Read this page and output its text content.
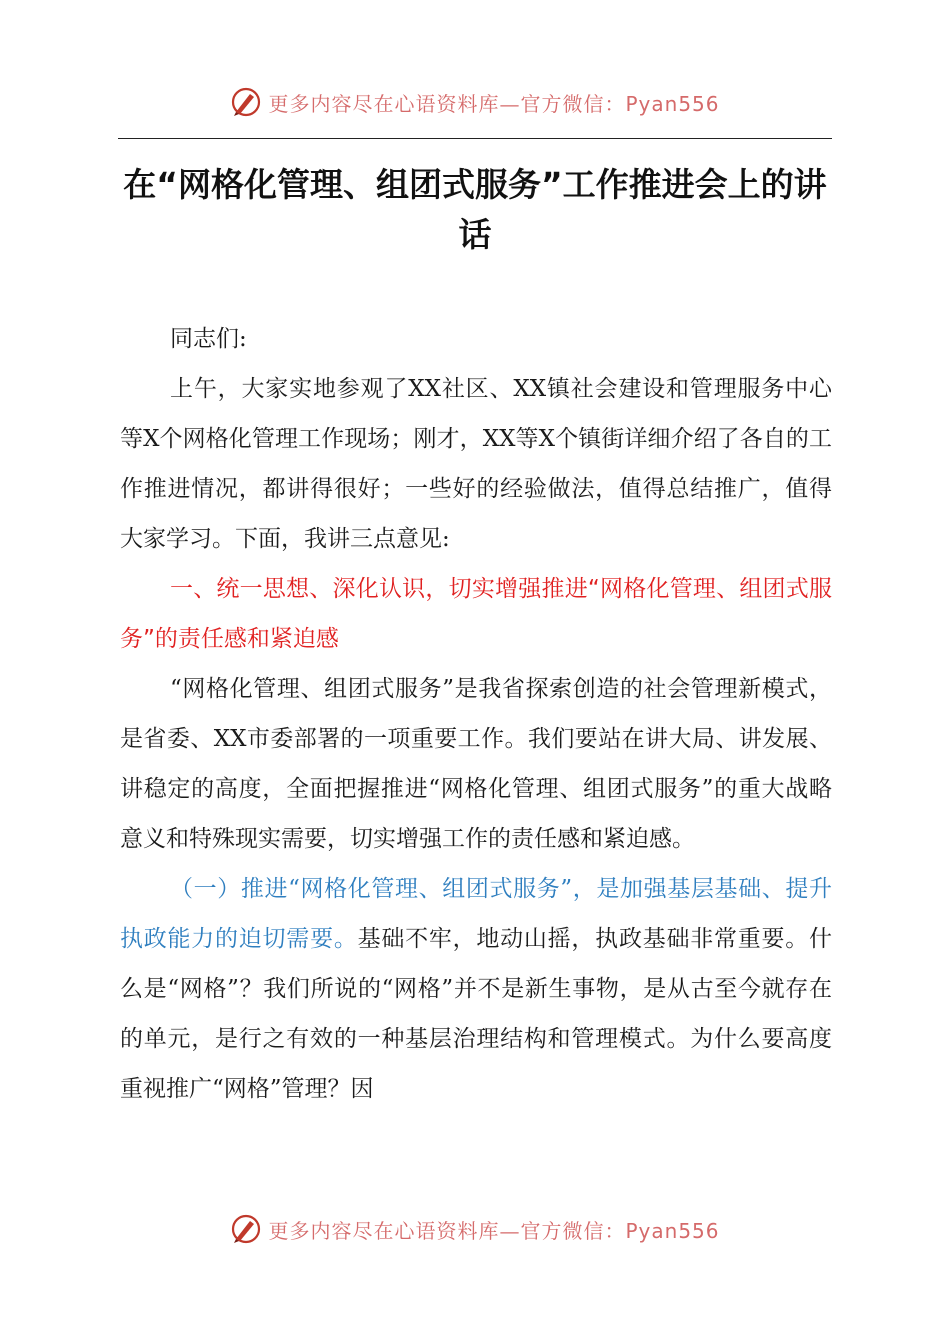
更多内容尽在心语资料库—官方微信：Pyan556
在“网格化管理、组团式服务”工作推进会上的讲话

同志们:

上午，大家实地参观了XX社区、XX镇社会建设和管理服务中心等X个网格化管理工作现场；刚才，XX等X个镇街详细介绍了各自的工作推进情况，都讲得很好；一些好的经验做法，值得总结推广，值得大家学习。下面，我讲三点意见:

一、统一思想、深化认识，切实增强推进“网格化管理、组团式服务”的责任感和紧迫感

“网格化管理、组团式服务”是我省探索创造的社会管理新模式，是省委、XX市委部署的一项重要工作。我们要站在讲大局、讲发展、讲稳定的高度，全面把握推进“网格化管理、组团式服务”的重大战略意义和特殊现实需要，切实增强工作的责任感和紧迫感。

（一）推进“网格化管理、组团式服务”，是加强基层基础、提升执政能力的迫切需要。基础不牢，地动山摇，执政基础非常重要。什么是“网格”？我们所说的“网格”并不是新生事物，是从古至今就存在的单元，是行之有效的一种基层治理结构和管理模式。为什么要高度重视推广“网格”管理？因

更多内容尽在心语资料库—官方微信：Pyan556
